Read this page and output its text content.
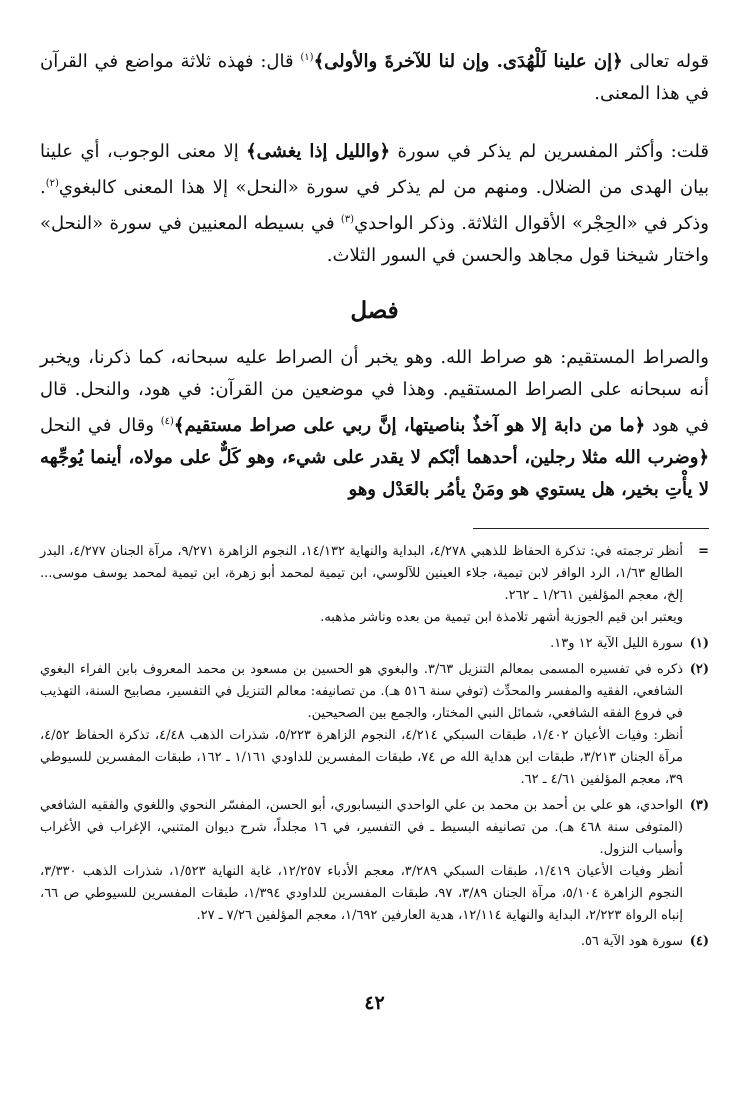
قوله تعالى ﴿إن علينا لَلْهُدَى. وإن لنا للآخرةَ والأولى﴾$^{(١)}$ قال: فهذه ثلاثة مواضع في القرآن في هذا المعنى.

قلت: وأكثر المفسرين لم يذكر في سورة ﴿والليل إذا يغشى﴾ إلا معنى الوجوب، أي علينا بيان الهدى من الضلال. ومنهم من لم يذكر في سورة «النحل» إلا هذا المعنى كالبغوي$^{(٢)}$. وذكر في «الحِجْر» الأقوال الثلاثة. وذكر الواحدي$^{(٣)}$ في بسيطه المعنيين في سورة «النحل» واختار شيخنا قول مجاهد والحسن في السور الثلاث.

فصل

والصراط المستقيم: هو صراط الله. وهو يخبر أن الصراط عليه سبحانه، كما ذكرنا، ويخبر أنه سبحانه على الصراط المستقيم. وهذا في موضعين من القرآن: في هود، والنحل. قال في هود ﴿ما من دابة إلا هو آخذٌ بناصيتها، إنَّ ربي على صراط مستقيم﴾$^{(٤)}$ وقال في النحل ﴿وضرب الله مثلا رجلين، أحدهما أبْكم لا يقدر على شيء، وهو كَلٌّ على مولاه، أينما يُوجِّهه لا يأْتِ بخير، هل يستوي هو ومَنْ يأمُر بالعَدْل وهو

=

أنظر ترجمته في: تذكرة الحفاظ للذهبي ٤/٢٧٨، البداية والنهاية ١٤/١٣٢، النجوم الزاهرة ٩/٢٧١، مرآة الجنان ٤/٢٧٧، البدر الطالع ١/٦٣، الرد الوافر لابن تيمية، جلاء العينين للآلوسي، ابن تيمية لمحمد أبو زهرة، ابن تيمية لمحمد يوسف موسى... إلخ، معجم المؤلفين ١/٢٦١ ـ ٢٦٢.

ويعتبر ابن قيم الجوزية أشهر تلامذة ابن تيمية من بعده وناشر مذهبه.

(١)

سورة الليل الآية ١٢ و١٣.

(٢)

ذكره في تفسيره المسمى بمعالم التنزيل ٣/٦٣. والبغوي هو الحسين بن مسعود بن محمد المعروف بابن الفراء البغوي الشافعي، الفقيه والمفسر والمحدِّث (توفي سنة ٥١٦ هـ). من تصانيفه: معالم التنزيل في التفسير، مصابيح السنة، التهذيب في فروع الفقه الشافعي، شمائل النبي المختار، والجمع بين الصحيحين.

أنظر: وفيات الأعيان ١/٤٠٢، طبقات السبكي ٤/٢١٤، النجوم الزاهرة ٥/٢٢٣، شذرات الذهب ٤/٤٨، تذكرة الحفاظ ٤/٥٢، مرآة الجنان ٣/٢١٣، طبقات ابن هداية الله ص ٧٤، طبقات المفسرين للداودي ١/١٦١ ـ ١٦٢، طبقات المفسرين للسيوطي ٣٩، معجم المؤلفين ٤/٦١ ـ ٦٢.

(٣)

الواحدي، هو علي بن أحمد بن محمد بن علي الواحدي النيسابوري، أبو الحسن، المفسّر النحوي واللغوي والفقيه الشافعي (المتوفى سنة ٤٦٨ هـ). من تصانيفه البسيط ـ في التفسير، في ١٦ مجلداً، شرح ديوان المتنبي، الإغراب في الأغراب وأسباب النزول.

أنظر وفيات الأعيان ١/٤١٩، طبقات السبكي ٣/٢٨٩، معجم الأدباء ١٢/٢٥٧، غاية النهاية ١/٥٢٣، شذرات الذهب ٣/٣٣٠، النجوم الزاهرة ٥/١٠٤، مرآة الجنان ٣/٨٩، ٩٧، طبقات المفسرين للداودي ١/٣٩٤، طبقات المفسرين للسيوطي ص ٦٦، إنباه الرواة ٢/٢٢٣، البداية والنهاية ١٢/١١٤، هدية العارفين ١/٦٩٢، معجم المؤلفين ٧/٢٦ ـ ٢٧.

(٤)

سورة هود الآية ٥٦.

٤٢
